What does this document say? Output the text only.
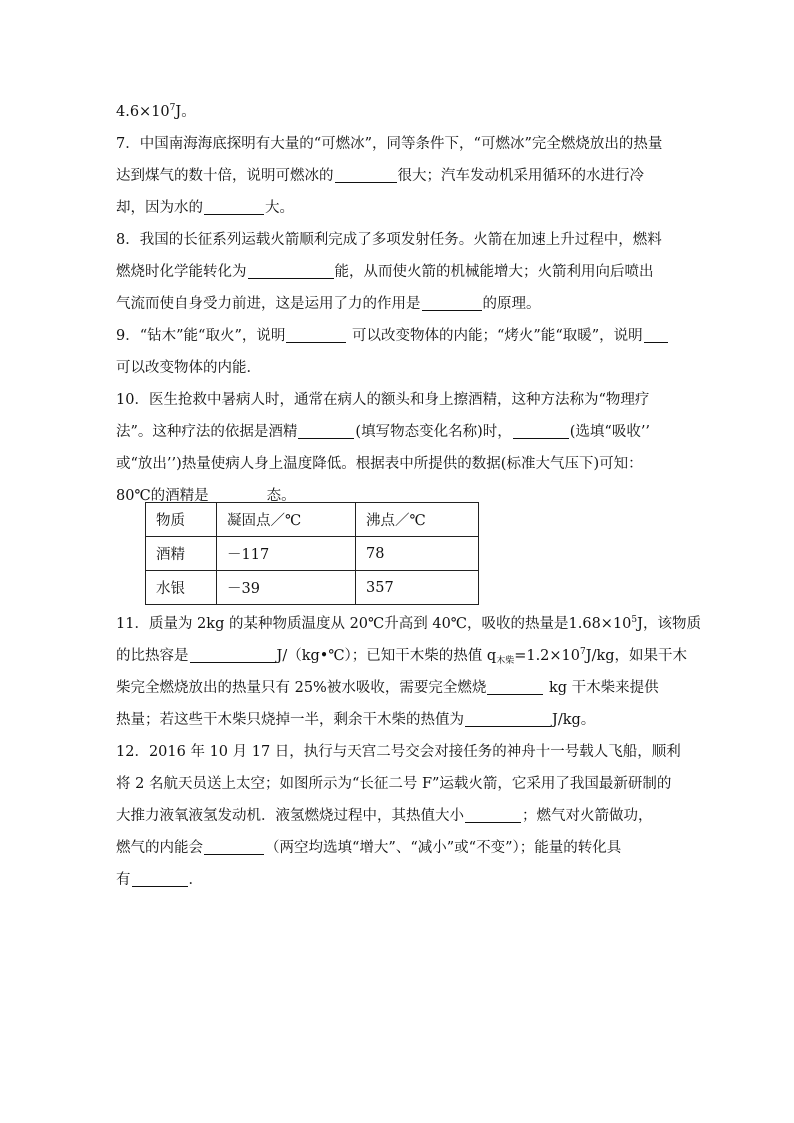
$4.6\times 10^7J$。
7．中国南海海底探明有大量的“可燃冰”，同等条件下，“可燃冰”完全燃烧放出的热量
达到煤气的数十倍，说明可燃冰的	很大；汽车发动机采用循环的水进行冷
却，因为水的	大。
8．我国的长征系列运载火箭顺利完成了多项发射任务。火箭在加速上升过程中，燃料
燃烧时化学能转化为	能，从而使火箭的机械能增大；火箭利用向后喷出
气流而使自身受力前进，这是运用了力的作用是	的原理。
9．“钻木”能“取火”，说明	可以改变物体的内能；“烤火”能“取暖”，说明
可以改变物体的内能．
10．医生抢救中暑病人时，通常在病人的额头和身上擦酒精，这种方法称为“物理疗
法”。这种疗法的依据是酒精	(填写物态变化名称)时，	(选填“吸收’’
或“放出’’)热量使病人身上温度降低。根据表中所提供的数据(标准大气压下)可知：
80℃的酒精是	态。
物质	凝固点／℃	沸点／℃
酒精	－117	78
水银	－39	357
11．质量为 2kg 的某种物质温度从 20℃升高到 40℃，吸收的热量是$1.68\times 10^5J$，该物质
的比热容是	J/（kg•℃）；已知干木柴的热值 $q_{木柴}=1.2\times 10^7J/kg$，如果干木
柴完全燃烧放出的热量只有 25%被水吸收，需要完全燃烧	kg 干木柴来提供
热量；若这些干木柴只烧掉一半，剩余干木柴的热值为	J/kg。
12．2016 年 10 月 17 日，执行与天宫二号交会对接任务的神舟十一号载人飞船，顺利
将 2 名航天员送上太空；如图所示为“长征二号 F”运载火箭，它采用了我国最新研制的
大推力液氧液氢发动机．液氢燃烧过程中，其热值大小	；燃气对火箭做功，
燃气的内能会	（两空均选填“增大”、“减小”或“不变”）；能量的转化具
有	．
